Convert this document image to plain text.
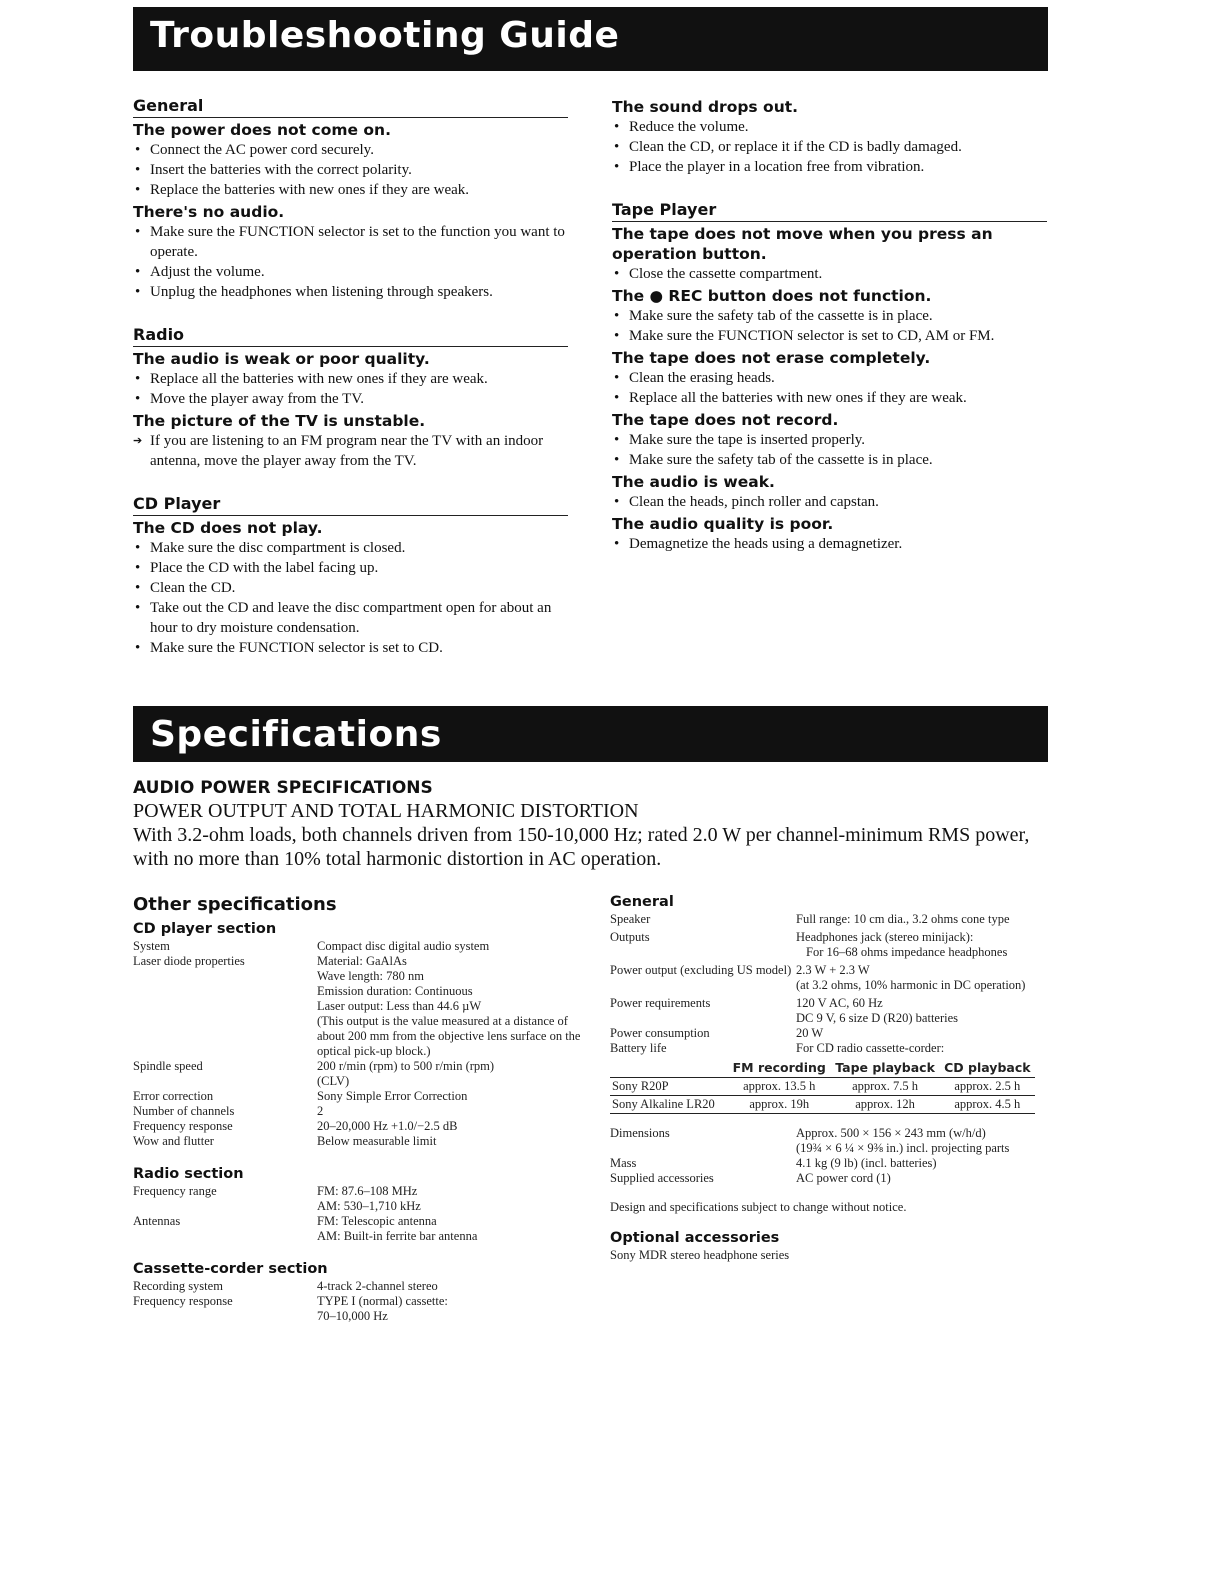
Troubleshooting Guide
General
The power does not come on.
• Connect the AC power cord securely.
• Insert the batteries with the correct polarity.
• Replace the batteries with new ones if they are weak.
There's no audio.
• Make sure the FUNCTION selector is set to the function you want to operate.
• Adjust the volume.
• Unplug the headphones when listening through speakers.
Radio
The audio is weak or poor quality.
• Replace all the batteries with new ones if they are weak.
• Move the player away from the TV.
The picture of the TV is unstable.
➔ If you are listening to an FM program near the TV with an indoor antenna, move the player away from the TV.
CD Player
The CD does not play.
• Make sure the disc compartment is closed.
• Place the CD with the label facing up.
• Clean the CD.
• Take out the CD and leave the disc compartment open for about an hour to dry moisture condensation.
• Make sure the FUNCTION selector is set to CD.
The sound drops out.
• Reduce the volume.
• Clean the CD, or replace it if the CD is badly damaged.
• Place the player in a location free from vibration.
Tape Player
The tape does not move when you press an operation button.
• Close the cassette compartment.
The ● REC button does not function.
• Make sure the safety tab of the cassette is in place.
• Make sure the FUNCTION selector is set to CD, AM or FM.
The tape does not erase completely.
• Clean the erasing heads.
• Replace all the batteries with new ones if they are weak.
The tape does not record.
• Make sure the tape is inserted properly.
• Make sure the safety tab of the cassette is in place.
The audio is weak.
• Clean the heads, pinch roller and capstan.
The audio quality is poor.
• Demagnetize the heads using a demagnetizer.
Specifications
AUDIO POWER SPECIFICATIONS
POWER OUTPUT AND TOTAL HARMONIC DISTORTION
With 3.2-ohm loads, both channels driven from 150-10,000 Hz; rated 2.0 W per channel-minimum RMS power, with no more than 10% total harmonic distortion in AC operation.
Other specifications
CD player section
System	Compact disc digital audio system
Laser diode properties	Material: GaAlAs
Wave length: 780 nm
Emission duration: Continuous
Laser output: Less than 44.6 µW
(This output is the value measured at a distance of about 200 mm from the objective lens surface on the optical pick-up block.)
Spindle speed	200 r/min (rpm) to 500 r/min (rpm)
(CLV)
Error correction	Sony Simple Error Correction
Number of channels	2
Frequency response	20–20,000 Hz +1.0/−2.5 dB
Wow and flutter	Below measurable limit
Radio section
Frequency range	FM: 87.6–108 MHz
AM: 530–1,710 kHz
Antennas	FM: Telescopic antenna
AM: Built-in ferrite bar antenna
Cassette-corder section
Recording system	4-track 2-channel stereo
Frequency response	TYPE I (normal) cassette:
70–10,000 Hz
General
Speaker	Full range: 10 cm dia., 3.2 ohms cone type
Outputs	Headphones jack (stereo minijack):
For 16–68 ohms impedance headphones
Power output (excluding US model) 2.3 W + 2.3 W
(at 3.2 ohms, 10% harmonic in DC operation)
Power requirements	120 V AC, 60 Hz
DC 9 V, 6 size D (R20) batteries
Power consumption	20 W
Battery life	For CD radio cassette-corder:
	FM recording	Tape playback	CD playback
Sony R20P	approx. 13.5 h	approx. 7.5 h	approx. 2.5 h
Sony Alkaline LR20	approx. 19h	approx. 12h	approx. 4.5 h
Dimensions	Approx. 500 × 156 × 243 mm (w/h/d)
(19¾ × 6 ¼ × 9⅜ in.) incl. projecting parts
Mass	4.1 kg (9 lb) (incl. batteries)
Supplied accessories	AC power cord (1)
Design and specifications subject to change without notice.
Optional accessories
Sony MDR stereo headphone series
